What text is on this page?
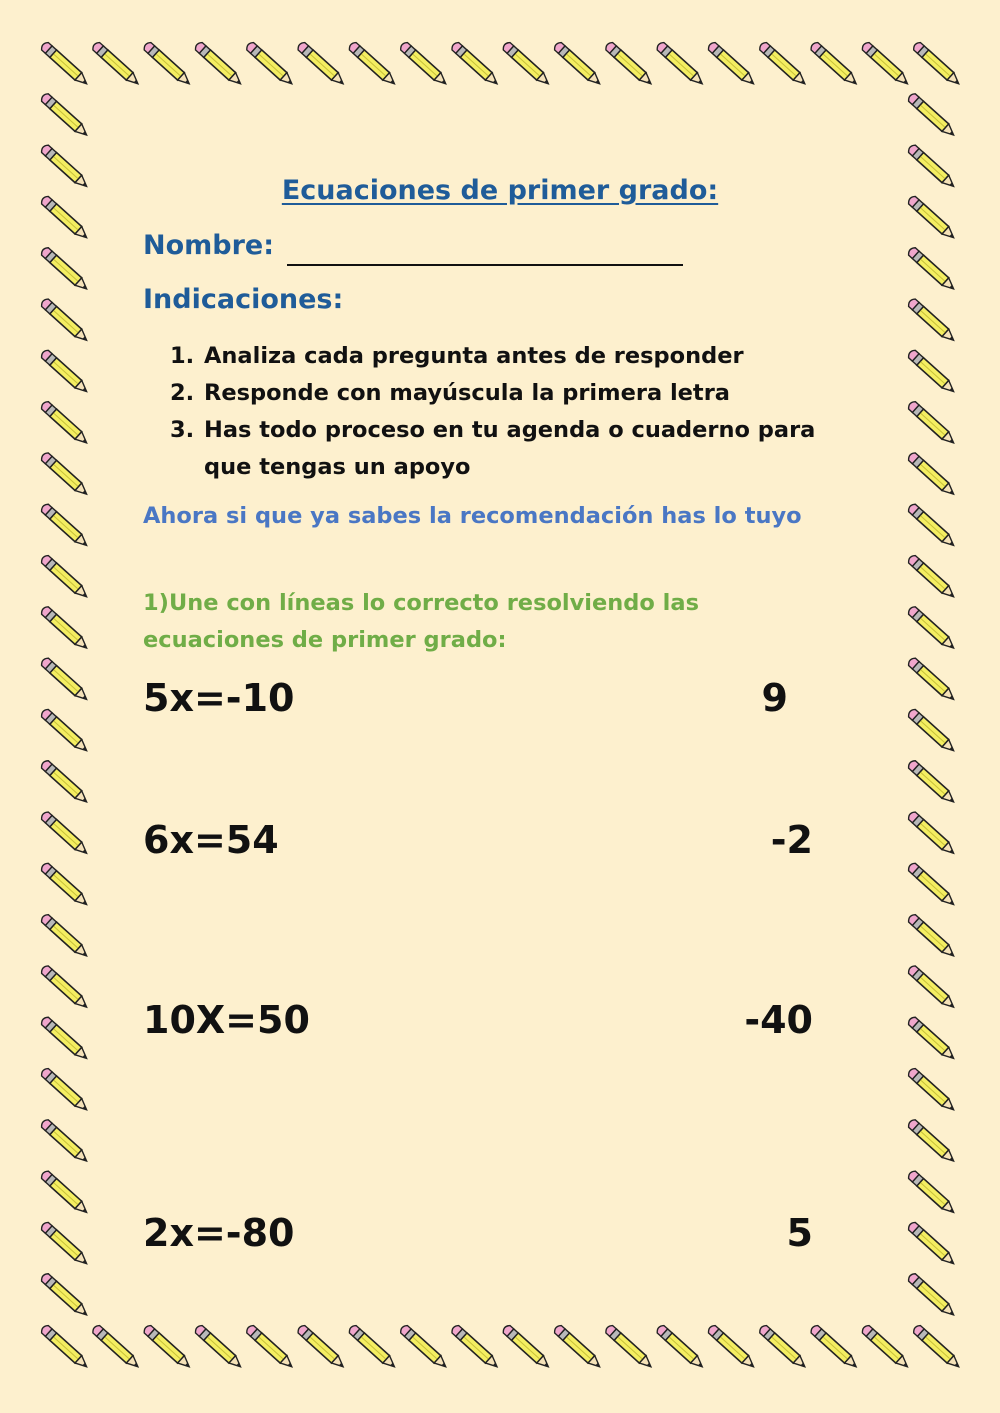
Ecuaciones de primer grado:
Nombre:
Indicaciones:
1. Analiza cada pregunta antes de responder
2. Responde con mayúscula la primera letra
3. Has todo proceso en tu agenda o cuaderno para que tengas un apoyo
Ahora si que ya sabes la recomendación has lo tuyo
1)Une con líneas lo correcto resolviendo las ecuaciones de primer grado:
5x=-10
6x=54
10X=50
2x=-80
9
-2
-40
5
